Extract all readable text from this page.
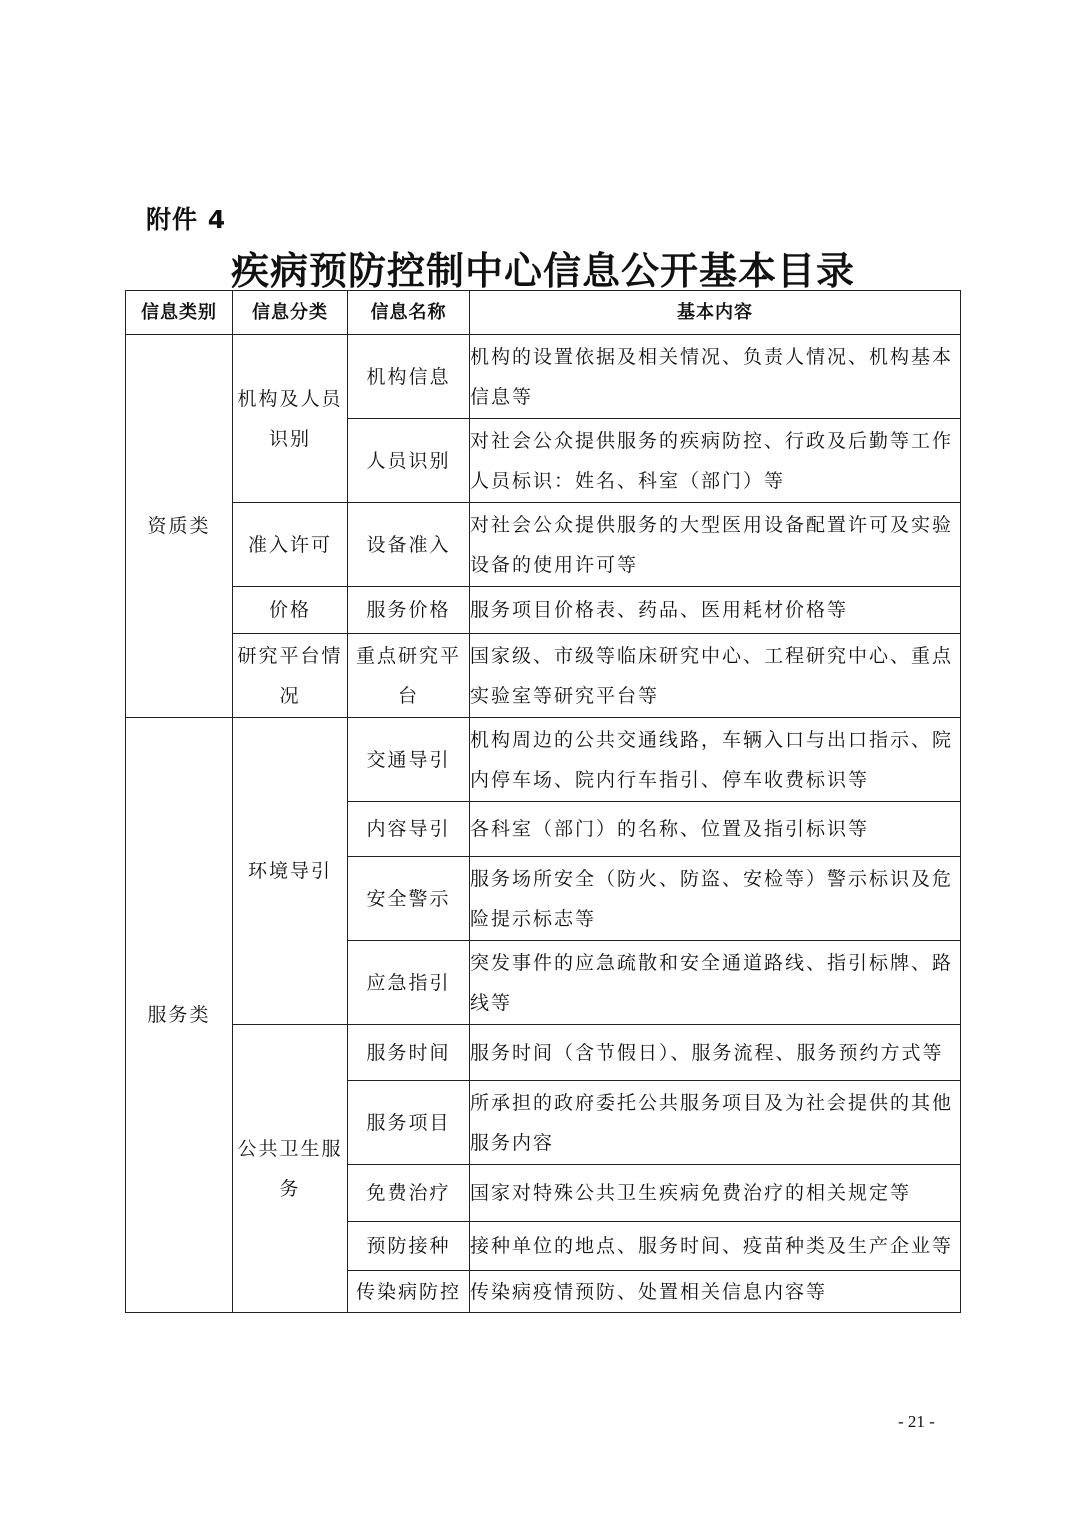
附件 4
疾病预防控制中心信息公开基本目录
信息类别	信息分类	信息名称	基本内容
资质类	机构及人员识别	机构信息	机构的设置依据及相关情况、负责人情况、机构基本信息等
		人员识别	对社会公众提供服务的疾病防控、行政及后勤等工作人员标识：姓名、科室（部门）等
	准入许可	设备准入	对社会公众提供服务的大型医用设备配置许可及实验设备的使用许可等
	价格	服务价格	服务项目价格表、药品、医用耗材价格等
	研究平台情况	重点研究平台	国家级、市级等临床研究中心、工程研究中心、重点实验室等研究平台等
服务类	环境导引	交通导引	机构周边的公共交通线路，车辆入口与出口指示、院内停车场、院内行车指引、停车收费标识等
		内容导引	各科室（部门）的名称、位置及指引标识等
		安全警示	服务场所安全（防火、防盗、安检等）警示标识及危险提示标志等
		应急指引	突发事件的应急疏散和安全通道路线、指引标牌、路线等
	公共卫生服务	服务时间	服务时间（含节假日）、服务流程、服务预约方式等
		服务项目	所承担的政府委托公共服务项目及为社会提供的其他服务内容
		免费治疗	国家对特殊公共卫生疾病免费治疗的相关规定等
		预防接种	接种单位的地点、服务时间、疫苗种类及生产企业等
		传染病防控	传染病疫情预防、处置相关信息内容等
- 21 -
